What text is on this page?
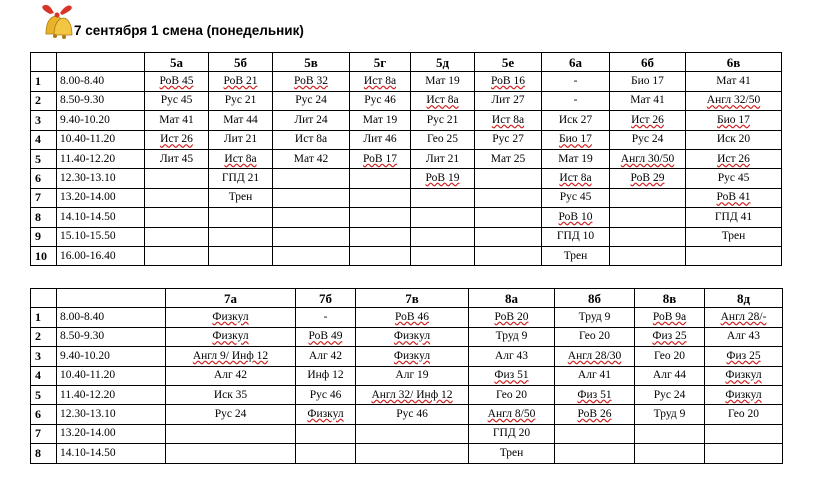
7 сентября 1 смена (понедельник)
		5а	5б	5в	5г	5д	5е	6а	6б	6в
1	8.00-8.40	РоВ 45	РоВ 21	РоВ 32	Ист 8а	Мат 19	РоВ 16	-	Био 17	Мат 41
2	8.50-9.30	Рус 45	Рус 21	Рус 24	Рус 46	Ист 8а	Лит 27	-	Мат 41	Англ 32/50
3	9.40-10.20	Мат 41	Мат 44	Лит 24	Мат 19	Рус 21	Ист 8а	Иск 27	Ист 26	Био 17
4	10.40-11.20	Ист 26	Лит 21	Ист 8а	Лит 46	Гео 25	Рус 27	Био 17	Рус 24	Иск 20
5	11.40-12.20	Лит 45	Ист 8а	Мат 42	РоВ 17	Лит 21	Мат 25	Мат 19	Англ 30/50	Ист 26
6	12.30-13.10		ГПД 21			РоВ 19		Ист 8а	РоВ 29	Рус 45
7	13.20-14.00		Трен					Рус 45		РоВ 41
8	14.10-14.50							РоВ 10		ГПД 41
9	15.10-15.50							ГПД 10		Трен
10	16.00-16.40							Трен		
		7а	7б	7в	8а	8б	8в	8д
1	8.00-8.40	Физкул	-	РоВ 46	РоВ 20	Труд 9	РоВ 9а	Англ 28/-
2	8.50-9.30	Физкул	РоВ 49	Физкул	Труд 9	Гео 20	Физ 25	Алг 43
3	9.40-10.20	Англ 9/ Инф 12	Алг 42	Физкул	Алг 43	Англ 28/30	Гео 20	Физ 25
4	10.40-11.20	Алг 42	Инф 12	Алг 19	Физ 51	Алг 41	Алг 44	Физкул
5	11.40-12.20	Иск 35	Рус 46	Англ 32/ Инф 12	Гео 20	Физ 51	Рус 24	Физкул
6	12.30-13.10	Рус 24	Физкул	Рус 46	Англ 8/50	РоВ 26	Труд 9	Гео 20
7	13.20-14.00				ГПД 20			
8	14.10-14.50				Трен			
